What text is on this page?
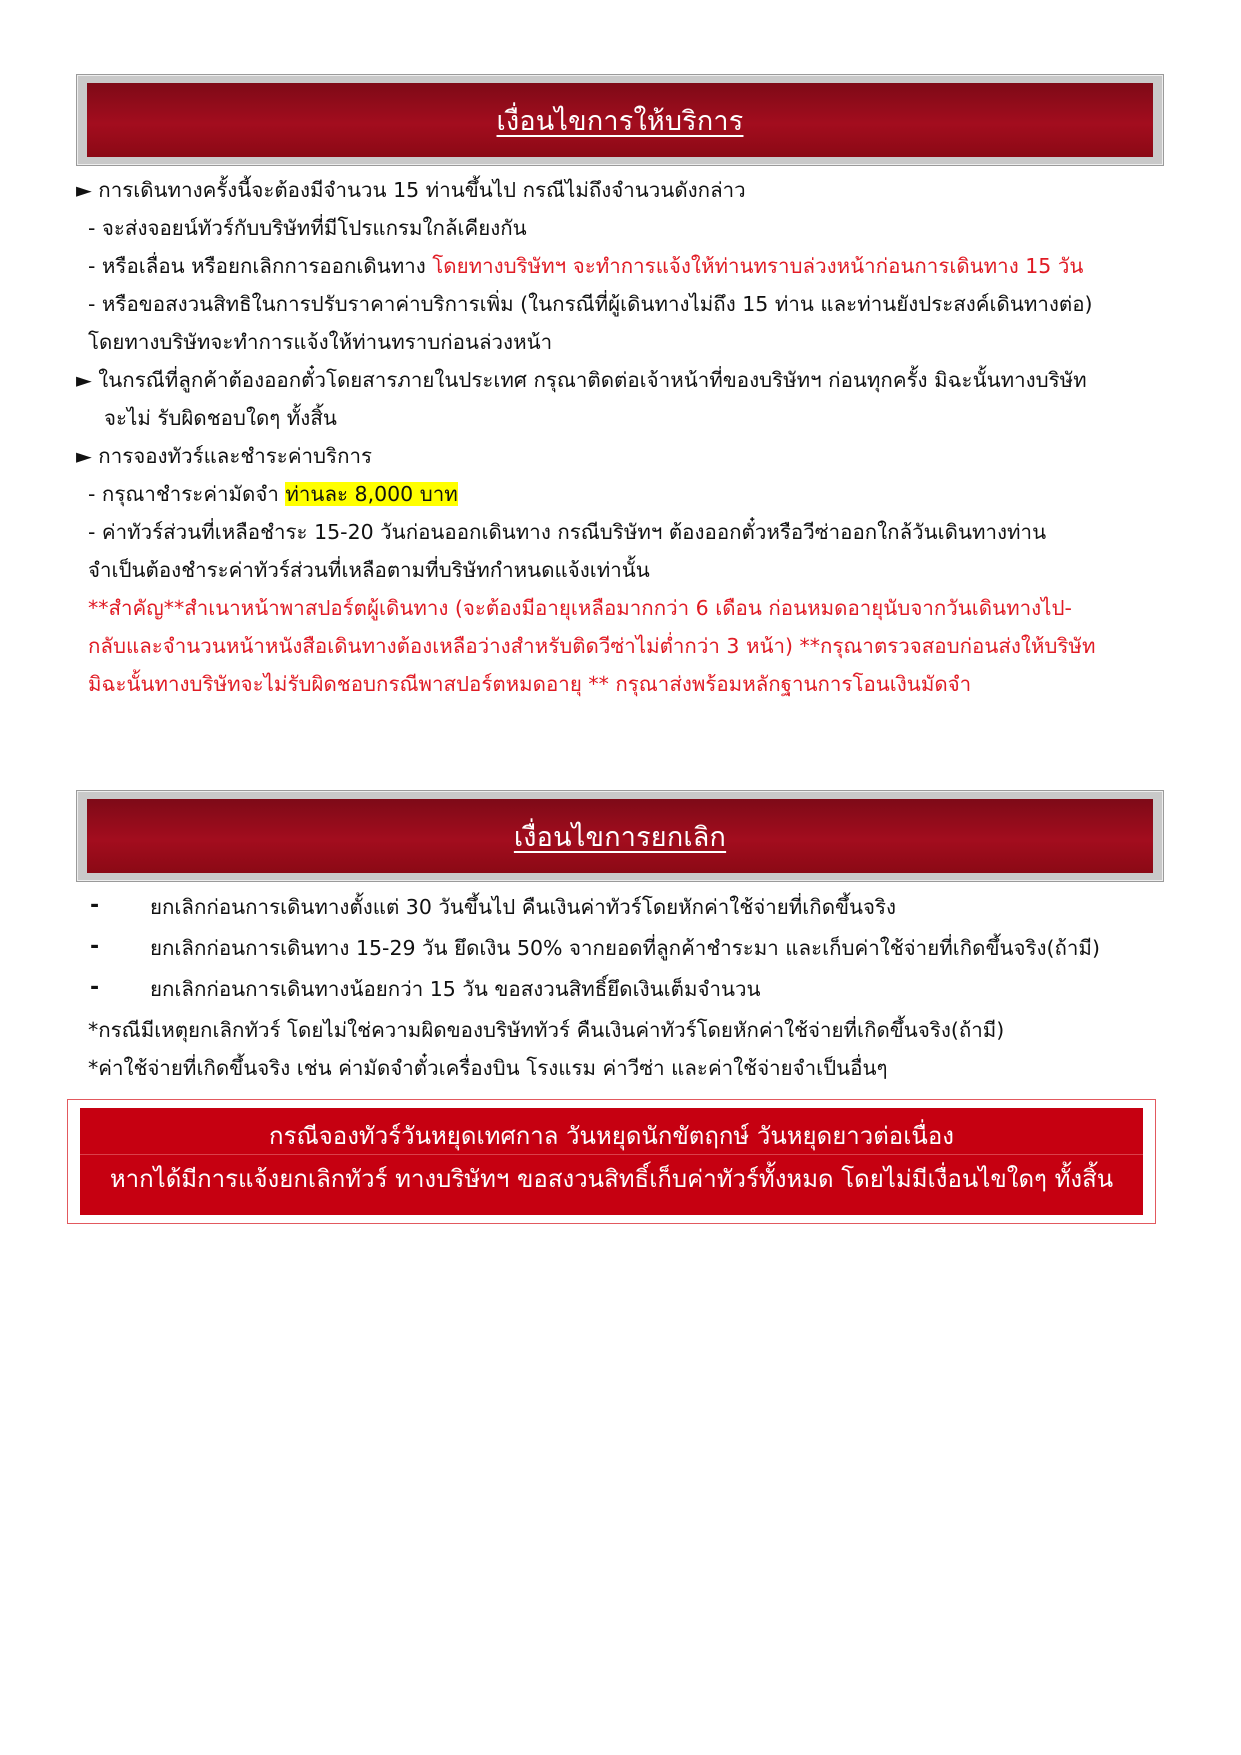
เงื่อนไขการให้บริการ
► การเดินทางครั้งนี้จะต้องมีจำนวน 15 ท่านขึ้นไป กรณีไม่ถึงจำนวนดังกล่าว
- จะส่งจอยน์ทัวร์กับบริษัทที่มีโปรแกรมใกล้เคียงกัน
- หรือเลื่อน หรือยกเลิกการออกเดินทาง โดยทางบริษัทฯ จะทำการแจ้งให้ท่านทราบล่วงหน้าก่อนการเดินทาง 15 วัน
- หรือขอสงวนสิทธิในการปรับราคาค่าบริการเพิ่ม (ในกรณีที่ผู้เดินทางไม่ถึง 15 ท่าน และท่านยังประสงค์เดินทางต่อ)
โดยทางบริษัทจะทำการแจ้งให้ท่านทราบก่อนล่วงหน้า
► ในกรณีที่ลูกค้าต้องออกตั๋วโดยสารภายในประเทศ กรุณาติดต่อเจ้าหน้าที่ของบริษัทฯ ก่อนทุกครั้ง มิฉะนั้นทางบริษัท
จะไม่ รับผิดชอบใดๆ ทั้งสิ้น
► การจองทัวร์และชำระค่าบริการ
- กรุณาชำระค่ามัดจำ ท่านละ 8,000 บาท
- ค่าทัวร์ส่วนที่เหลือชำระ 15-20 วันก่อนออกเดินทาง กรณีบริษัทฯ ต้องออกตั๋วหรือวีซ่าออกใกล้วันเดินทางท่าน
จำเป็นต้องชำระค่าทัวร์ส่วนที่เหลือตามที่บริษัทกำหนดแจ้งเท่านั้น
**สำคัญ**สำเนาหน้าพาสปอร์ตผู้เดินทาง (จะต้องมีอายุเหลือมากกว่า 6 เดือน ก่อนหมดอายุนับจากวันเดินทางไป-
กลับและจำนวนหน้าหนังสือเดินทางต้องเหลือว่างสำหรับติดวีซ่าไม่ต่ำกว่า 3 หน้า) **กรุณาตรวจสอบก่อนส่งให้บริษัท
มิฉะนั้นทางบริษัทจะไม่รับผิดชอบกรณีพาสปอร์ตหมดอายุ ** กรุณาส่งพร้อมหลักฐานการโอนเงินมัดจำ
เงื่อนไขการยกเลิก
- ยกเลิกก่อนการเดินทางตั้งแต่ 30 วันขึ้นไป คืนเงินค่าทัวร์โดยหักค่าใช้จ่ายที่เกิดขึ้นจริง
- ยกเลิกก่อนการเดินทาง 15-29 วัน ยึดเงิน 50% จากยอดที่ลูกค้าชำระมา และเก็บค่าใช้จ่ายที่เกิดขึ้นจริง(ถ้ามี)
- ยกเลิกก่อนการเดินทางน้อยกว่า 15 วัน ขอสงวนสิทธิ์ยึดเงินเต็มจำนวน
*กรณีมีเหตุยกเลิกทัวร์ โดยไม่ใช่ความผิดของบริษัททัวร์ คืนเงินค่าทัวร์โดยหักค่าใช้จ่ายที่เกิดขึ้นจริง(ถ้ามี)
*ค่าใช้จ่ายที่เกิดขึ้นจริง เช่น ค่ามัดจำตั๋วเครื่องบิน โรงแรม ค่าวีซ่า และค่าใช้จ่ายจำเป็นอื่นๆ
กรณีจองทัวร์วันหยุดเทศกาล วันหยุดนักขัตฤกษ์ วันหยุดยาวต่อเนื่อง
หากได้มีการแจ้งยกเลิกทัวร์ ทางบริษัทฯ ขอสงวนสิทธิ์เก็บค่าทัวร์ทั้งหมด โดยไม่มีเงื่อนไขใดๆ ทั้งสิ้น
